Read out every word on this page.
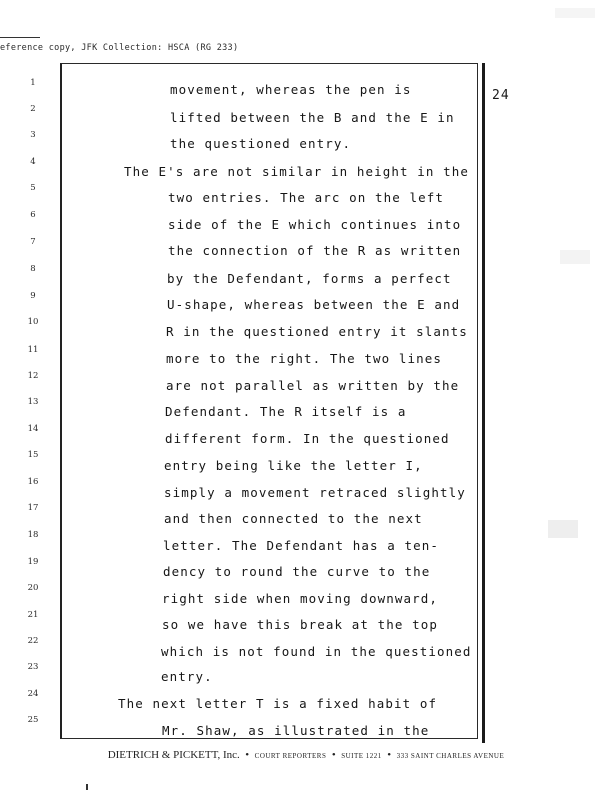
eference copy, JFK Collection: HSCA (RG 233)
24
1
2
3
4
5
6
7
8
9
10
11
12
13
14
15
16
17
18
19
20
21
22
23
24
25
movement, whereas the pen is
lifted between the B and the E in
the questioned entry.
The E's are not similar in height in the
two entries. The arc on the left
side of the E which continues into
the connection of the R as written
by the Defendant, forms a perfect
U-shape, whereas between the E and
R in the questioned entry it slants
more to the right. The two lines
are not parallel as written by the
Defendant. The R itself is a
different form. In the questioned
entry being like the letter I,
simply a movement retraced slightly
and then connected to the next
letter. The Defendant has a ten-
dency to round the curve to the
right side when moving downward,
so we have this break at the top
which is not found in the questioned
entry.
The next letter T is a fixed habit of
Mr. Shaw, as illustrated in the
DIETRICH & PICKETT, Inc. • COURT REPORTERS • SUITE 1221 • 333 SAINT CHARLES AVENUE
